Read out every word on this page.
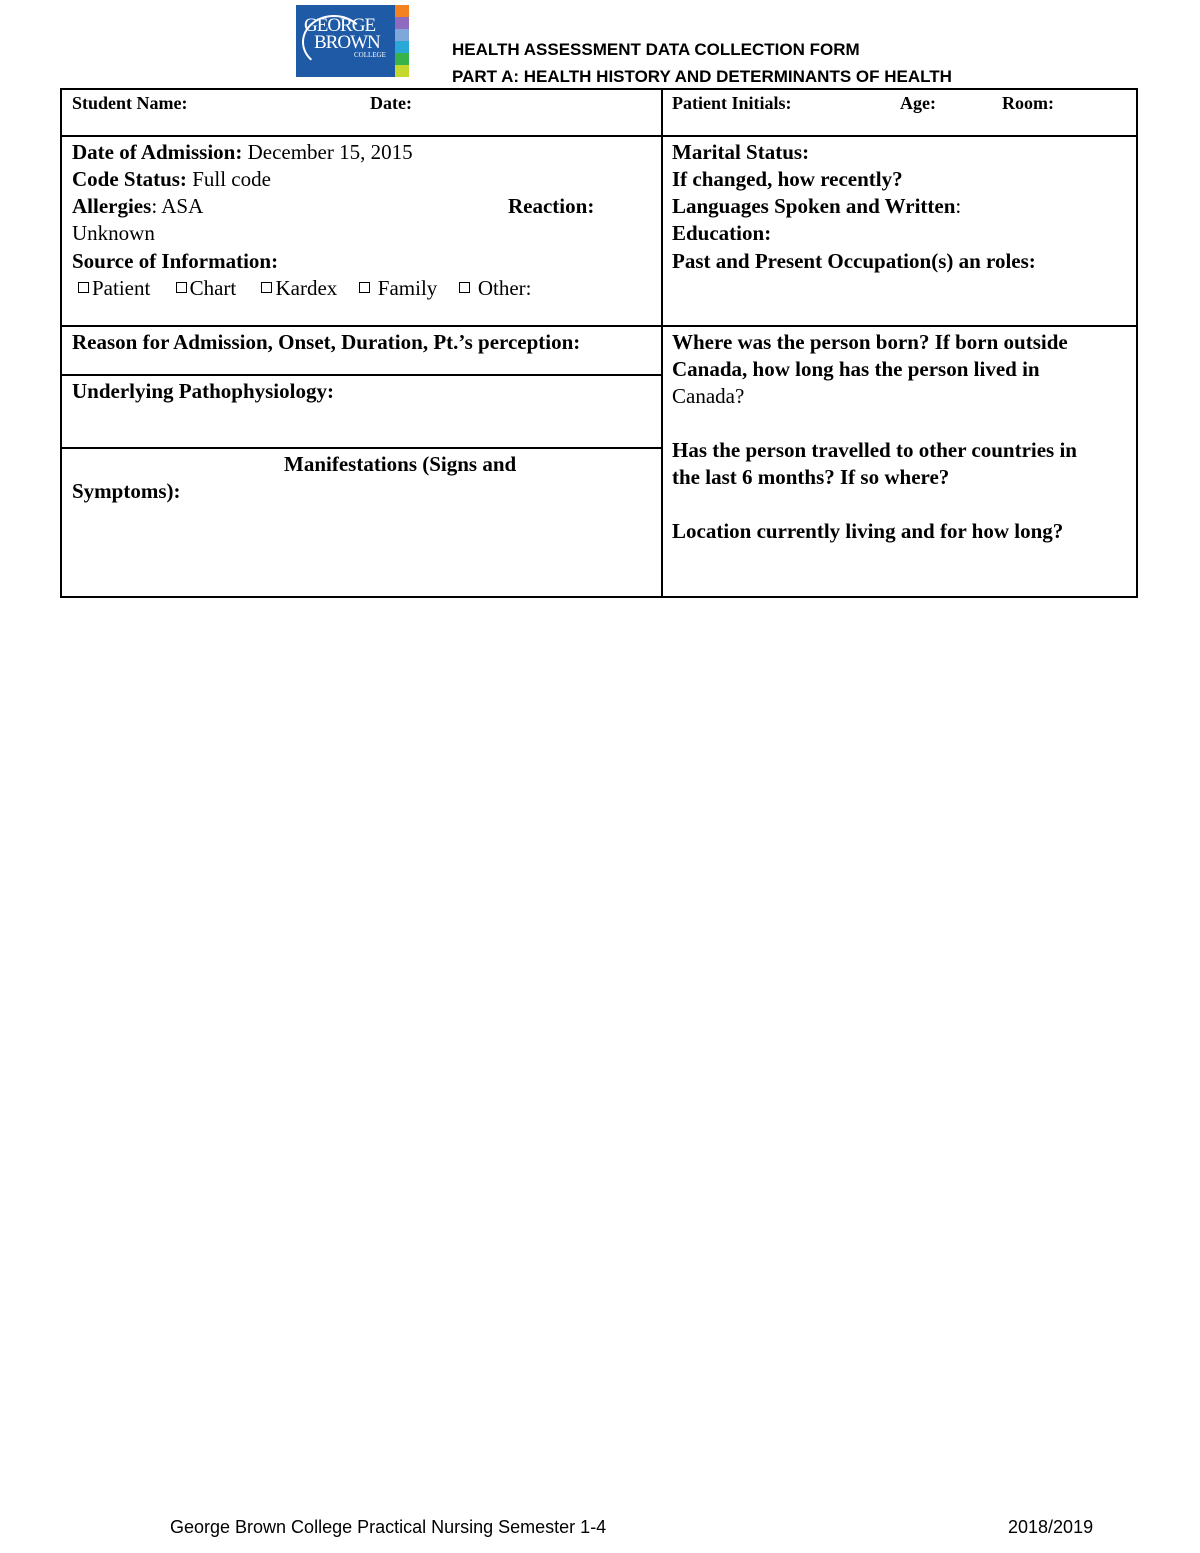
GEORGE
BROWN
COLLEGE	HEALTH ASSESSMENT DATA COLLECTION FORM
PART A: HEALTH HISTORY AND DETERMINANTS OF HEALTH
Student Name:	Date:	Patient Initials:	Age:	Room:
Date of Admission: December 15, 2015
Code Status: Full code
Allergies: ASA	Reaction:
Unknown
Source of Information:
Patient Chart Kardex  Family  Other:
Marital Status:
If changed, how recently?
Languages Spoken and Written:
Education:
Past and Present Occupation(s) an roles:
Reason for Admission, Onset, Duration, Pt.’s perception:
Underlying Pathophysiology:
Manifestations (Signs and
Symptoms):
Where was the person born? If born outside
Canada, how long has the person lived in
Canada?
Has the person travelled to other countries in
the last 6 months? If so where?
Location currently living and for how long?
George Brown College Practical Nursing Semester 1-4	2018/2019
